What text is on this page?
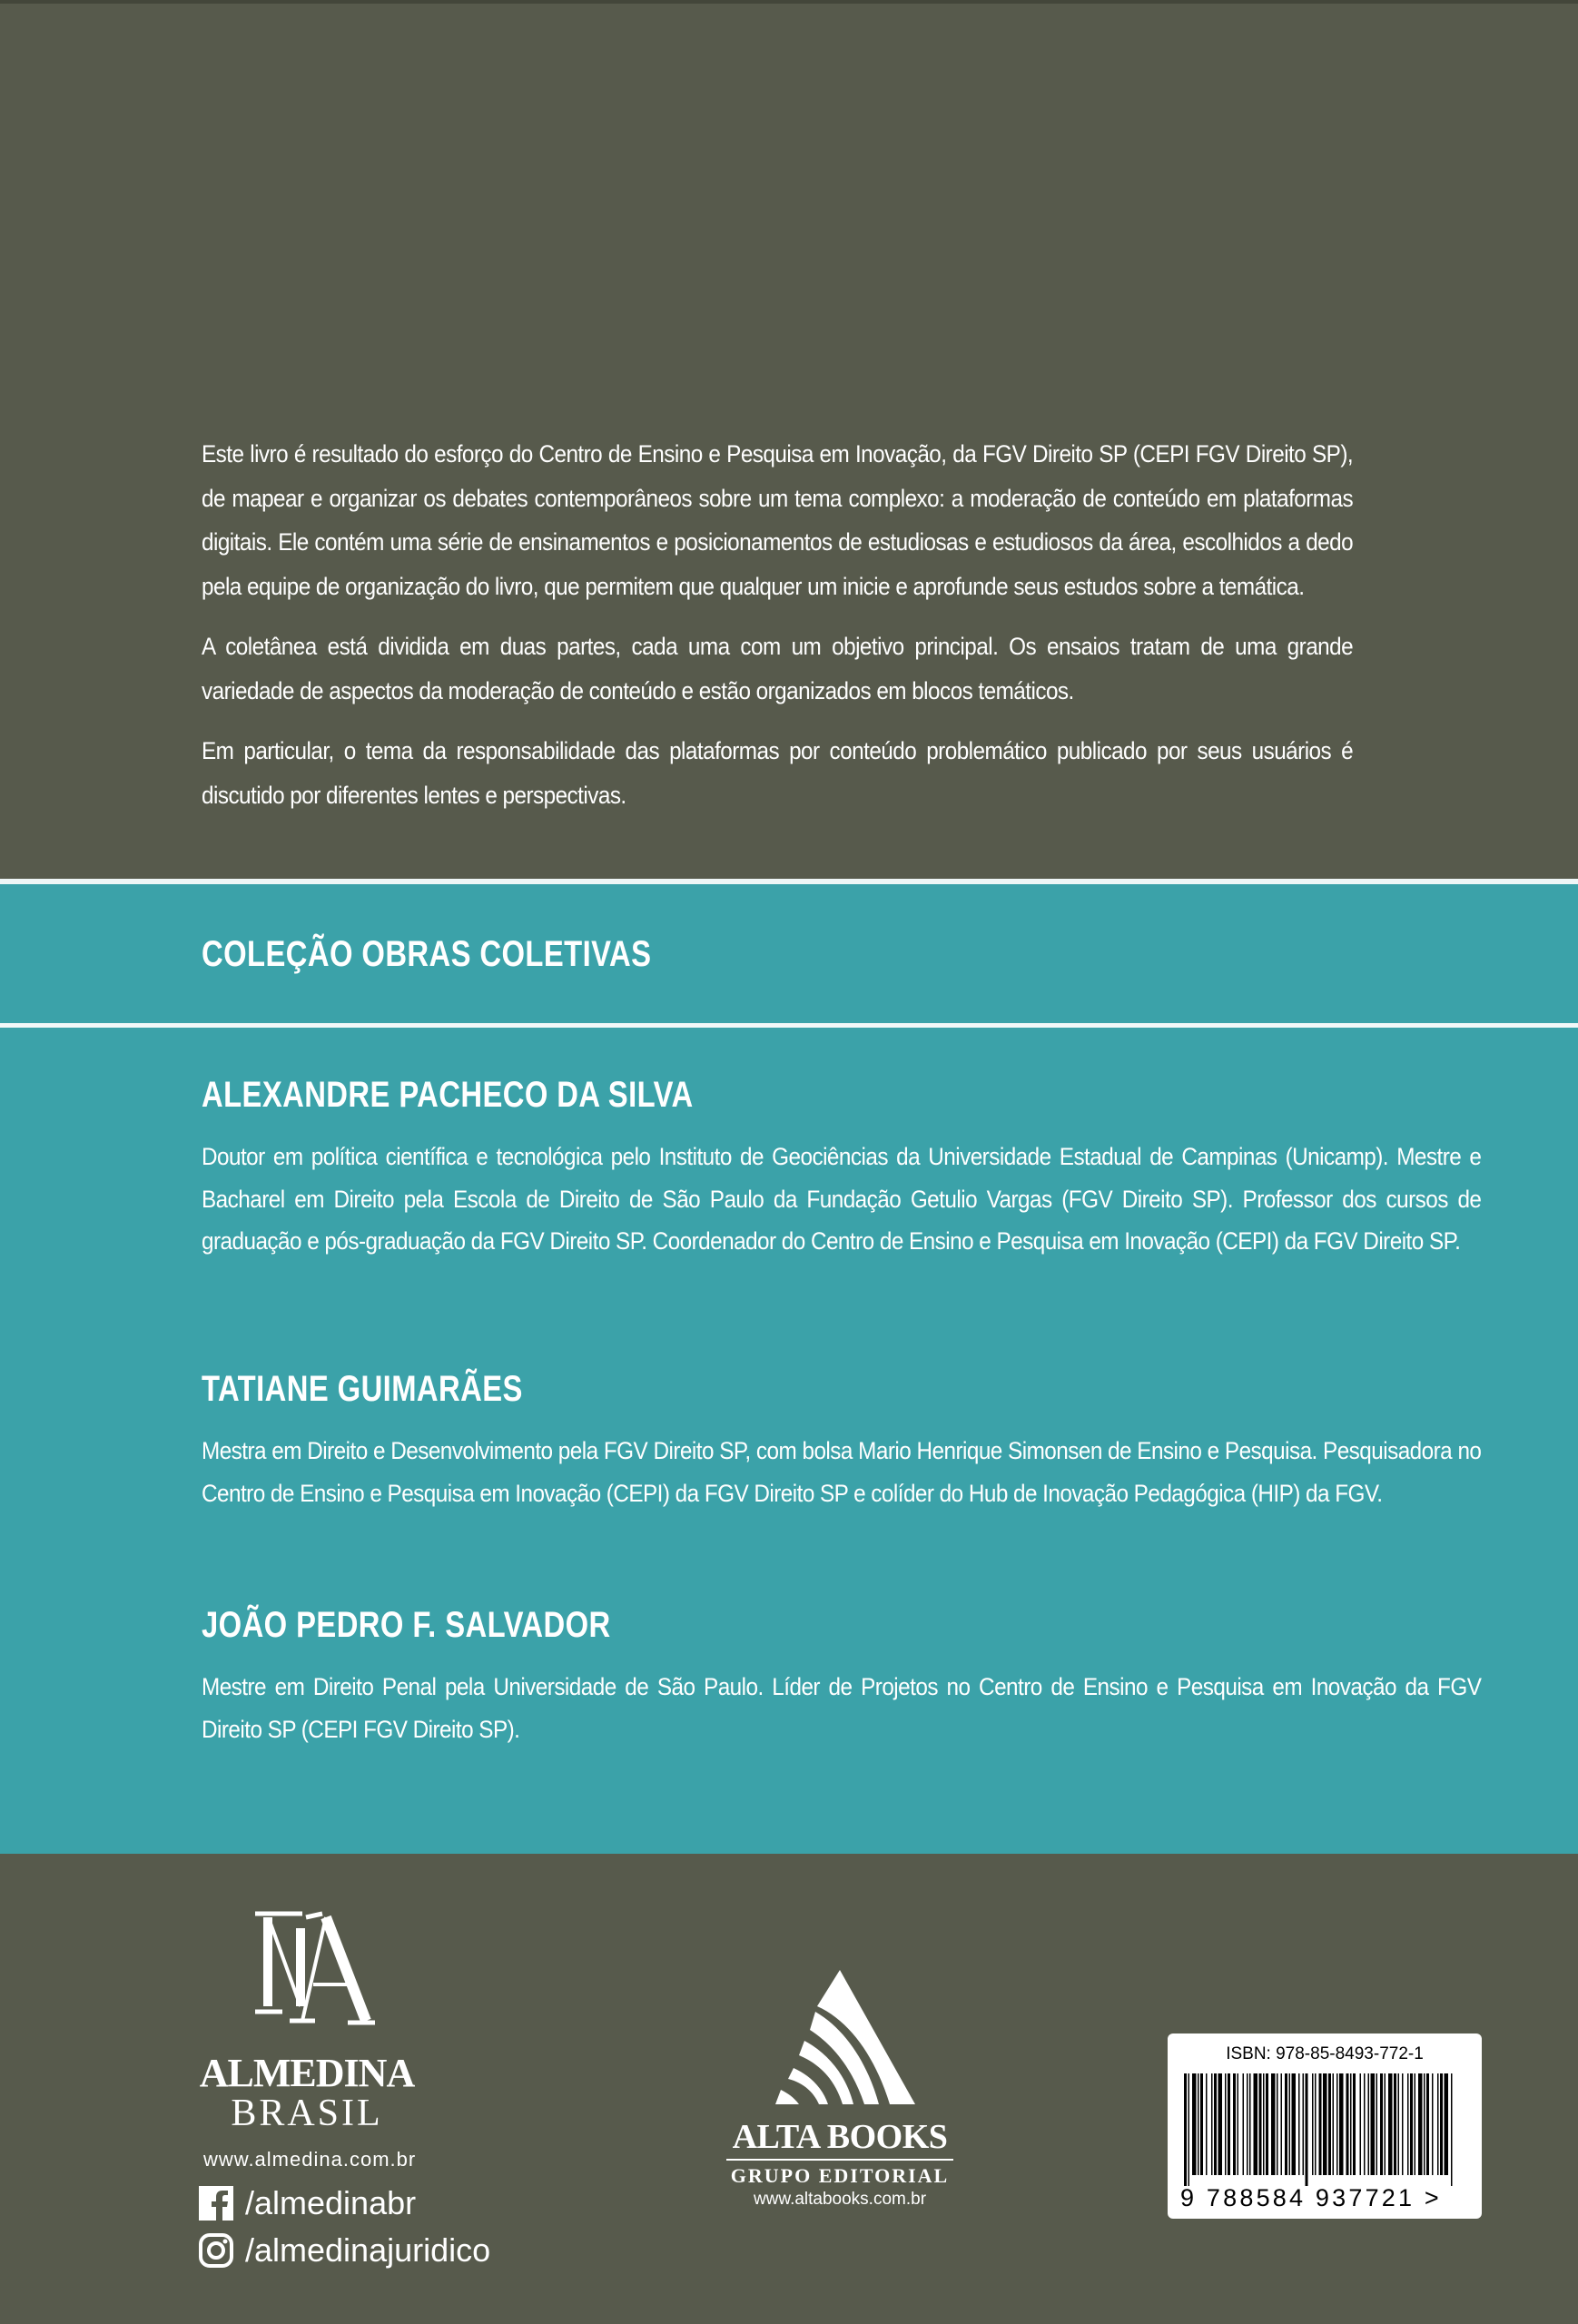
Este livro é resultado do esforço do Centro de Ensino e Pesquisa em Inovação, da FGV Direito SP (CEPI FGV Direito SP), de mapear e organizar os debates contemporâneos sobre um tema complexo: a moderação de conteúdo em plataformas digitais. Ele contém uma série de ensinamentos e posicionamentos de estudiosas e estudiosos da área, escolhidos a dedo pela equipe de organização do livro, que permitem que qualquer um inicie e aprofunde seus estudos sobre a temática.

A coletânea está dividida em duas partes, cada uma com um objetivo principal. Os ensaios tratam de uma grande variedade de aspectos da moderação de conteúdo e estão organizados em blocos temáticos.

Em particular, o tema da responsabilidade das plataformas por conteúdo problemático publicado por seus usuários é discutido por diferentes lentes e perspectivas.

COLEÇÃO OBRAS COLETIVAS
ALEXANDRE PACHECO DA SILVA

Doutor em política científica e tecnológica pelo Instituto de Geociências da Universidade Estadual de Campinas (Unicamp). Mestre e Bacharel em Direito pela Escola de Direito de São Paulo da Fundação Getulio Vargas (FGV Direito SP). Professor dos cursos de graduação e pós-graduação da FGV Direito SP. Coordenador do Centro de Ensino e Pesquisa em Inovação (CEPI) da FGV Direito SP.

TATIANE GUIMARÃES

Mestra em Direito e Desenvolvimento pela FGV Direito SP, com bolsa Mario Henrique Simonsen de Ensino e Pesquisa. Pesquisadora no Centro de Ensino e Pesquisa em Inovação (CEPI) da FGV Direito SP e colíder do Hub de Inovação Pedagógica (HIP) da FGV.

JOÃO PEDRO F. SALVADOR

Mestre em Direito Penal pela Universidade de São Paulo. Líder de Projetos no Centro de Ensino e Pesquisa em Inovação da FGV Direito SP (CEPI FGV Direito SP).

ALMEDINA

BRASIL

www.almedina.com.br

/almedinabr
/almedinajuridico

ALTA BOOKS

GRUPO EDITORIAL

www.altabooks.com.br

ISBN: 978-85-8493-772-1

9 788584 937721 >
